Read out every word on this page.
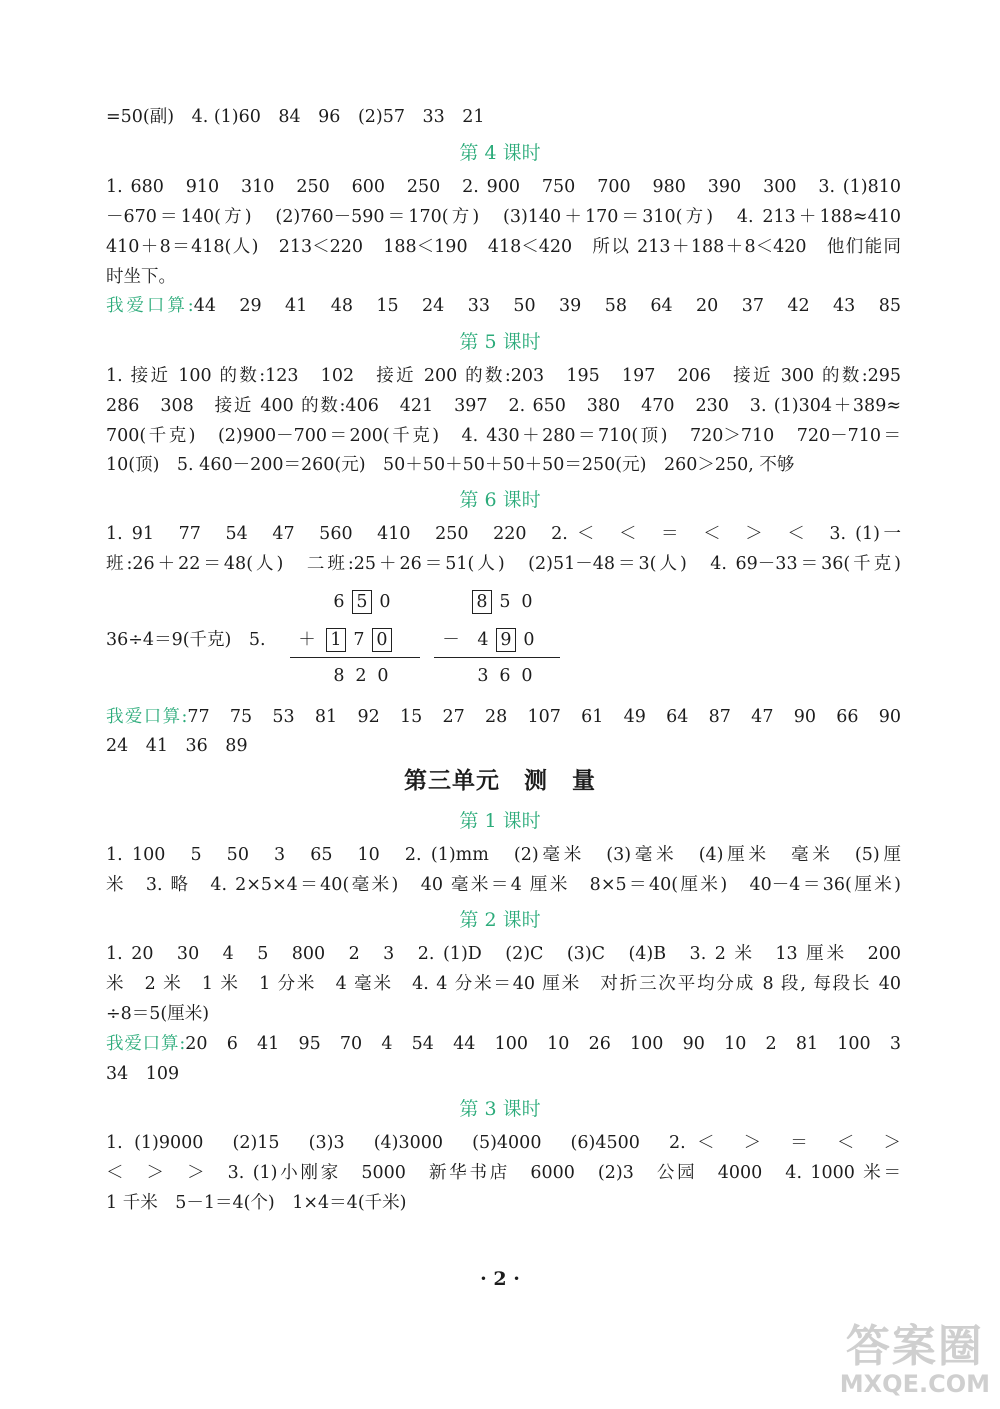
=50(副)　4. (1)60　84　96　(2)57　33　21
第 4 课时
1. 680　910　310　250　600　250　2. 900　750　700　980　390　300　3. (1)810
－670＝140(方)　(2)760－590＝170(方)　(3)140＋170＝310(方)　4. 213＋188≈410
410＋8＝418(人)　213＜220　188＜190　418＜420　所以 213＋188＋8＜420　他们能同
时坐下。
我爱口算:44　29　41　48　15　24　33　50　39　58　64　20　37　42　43　85
第 5 课时
1. 接近 100 的数:123　102　接近 200 的数:203　195　197　206　接近 300 的数:295
286　308　接近 400 的数:406　421　397　2. 650　380　470　230　3. (1)304＋389≈
700(千克)　(2)900－700＝200(千克)　4. 430＋280＝710(顶)　720＞710　720－710＝
10(顶)　5. 460－200＝260(元)　50＋50＋50＋50＋50＝250(元)　260＞250, 不够
第 6 课时
1. 91　77　54　47　560　410　250　220　2. ＜　＜　＝　＜　＞　＜　3. (1)一
班:26＋22＝48(人)　二班:25＋26＝51(人)　(2)51－48＝3(人)　4. 69－33＝36(千克)
36÷4＝9(千克)　5.
6 5 0
＋ 1 7 0
8 2 0
8 5 0
－ 4 9 0
3 6 0
我爱口算:77　75　53　81　92　15　27　28　107　61　49　64　87　47　90　66　90
24　41　36　89
第三单元　测　量
第 1 课时
1. 100　5　50　3　65　10　2. (1)mm　(2)毫米　(3)毫米　(4)厘米　毫米　(5)厘
米　3. 略　4. 2×5×4＝40(毫米)　40 毫米＝4 厘米　8×5＝40(厘米)　40－4＝36(厘米)
第 2 课时
1. 20　30　4　5　800　2　3　2. (1)D　(2)C　(3)C　(4)B　3. 2 米　13 厘米　200
米　2 米　1 米　1 分米　4 毫米　4. 4 分米＝40 厘米　对折三次平均分成 8 段, 每段长 40
÷8＝5(厘米)
我爱口算:20　6　41　95　70　4　54　44　100　10　26　100　90　10　2　81　100　3
34　109
第 3 课时
1. (1)9000　(2)15　(3)3　(4)3000　(5)4000　(6)4500　2. ＜　＞　＝　＜　＞
＜　＞　＞　3. (1)小刚家　5000　新华书店　6000　(2)3　公园　4000　4. 1000 米＝
1 千米　5－1＝4(个)　1×4＝4(千米)
· 2 ·
答案圈
MXQE.COM
